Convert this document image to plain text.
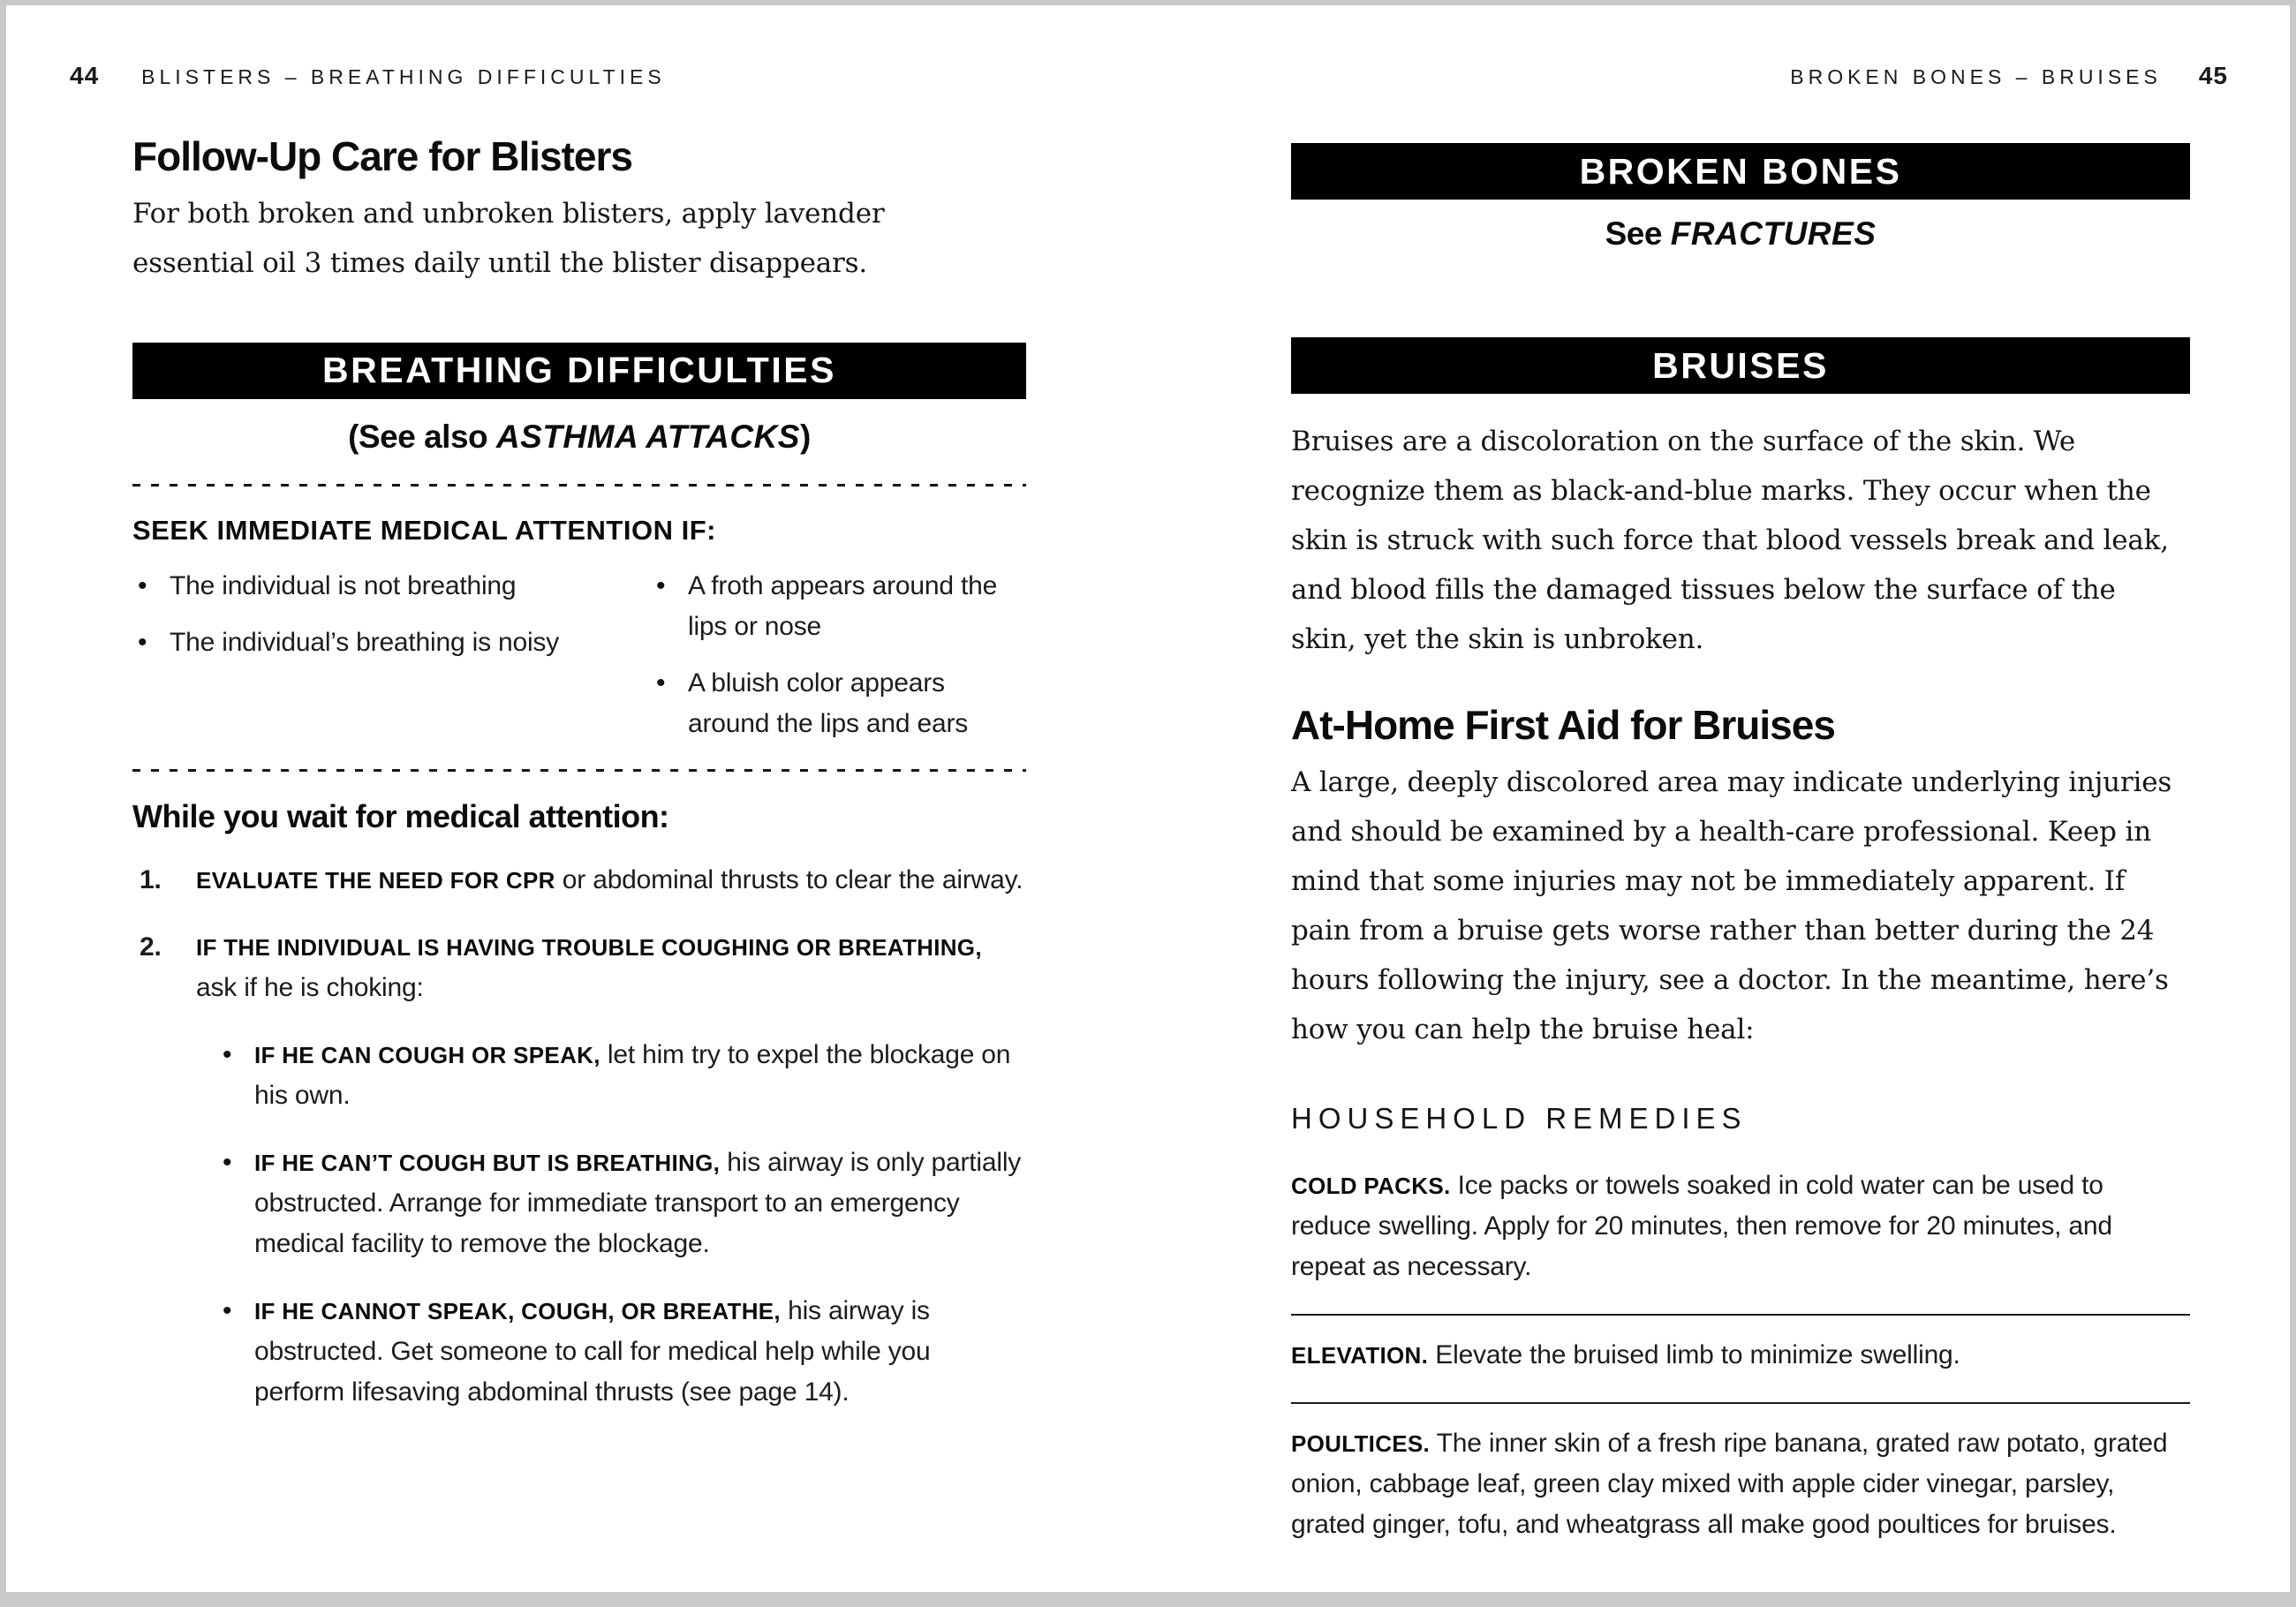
44 BLISTERS – BREATHING DIFFICULTIES	BROKEN BONES – BRUISES 45
Follow-Up Care for Blisters

For both broken and unbroken blisters, apply lavender essential oil 3 times daily until the blister disappears.

BREATHING DIFFICULTIES
(See also ASTHMA ATTACKS)
SEEK IMMEDIATE MEDICAL ATTENTION IF:
• The individual is not breathing
• The individual’s breathing is noisy
• A froth appears around the lips or nose
• A bluish color appears around the lips and ears
While you wait for medical attention:
1. EVALUATE THE NEED FOR CPR or abdominal thrusts to clear the airway.
2. IF THE INDIVIDUAL IS HAVING TROUBLE COUGHING OR BREATHING, ask if he is choking:
• IF HE CAN COUGH OR SPEAK, let him try to expel the blockage on his own.
• IF HE CAN’T COUGH BUT IS BREATHING, his airway is only partially obstructed. Arrange for immediate transport to an emergency medical facility to remove the blockage.
• IF HE CANNOT SPEAK, COUGH, OR BREATHE, his airway is obstructed. Get someone to call for medical help while you perform lifesaving abdominal thrusts (see page 14).
BROKEN BONES
See FRACTURES
BRUISES

Bruises are a discoloration on the surface of the skin. We recognize them as black-and-blue marks. They occur when the skin is struck with such force that blood vessels break and leak, and blood fills the damaged tissues below the surface of the skin, yet the skin is unbroken.

At-Home First Aid for Bruises

A large, deeply discolored area may indicate underlying injuries and should be examined by a health-care professional. Keep in mind that some injuries may not be immediately apparent. If pain from a bruise gets worse rather than better during the 24 hours following the injury, see a doctor. In the meantime, here’s how you can help the bruise heal:

HOUSEHOLD REMEDIES

COLD PACKS. Ice packs or towels soaked in cold water can be used to reduce swelling. Apply for 20 minutes, then remove for 20 minutes, and repeat as necessary.

ELEVATION. Elevate the bruised limb to minimize swelling.

POULTICES. The inner skin of a fresh ripe banana, grated raw potato, grated onion, cabbage leaf, green clay mixed with apple cider vinegar, parsley, grated ginger, tofu, and wheatgrass all make good poultices for bruises.
